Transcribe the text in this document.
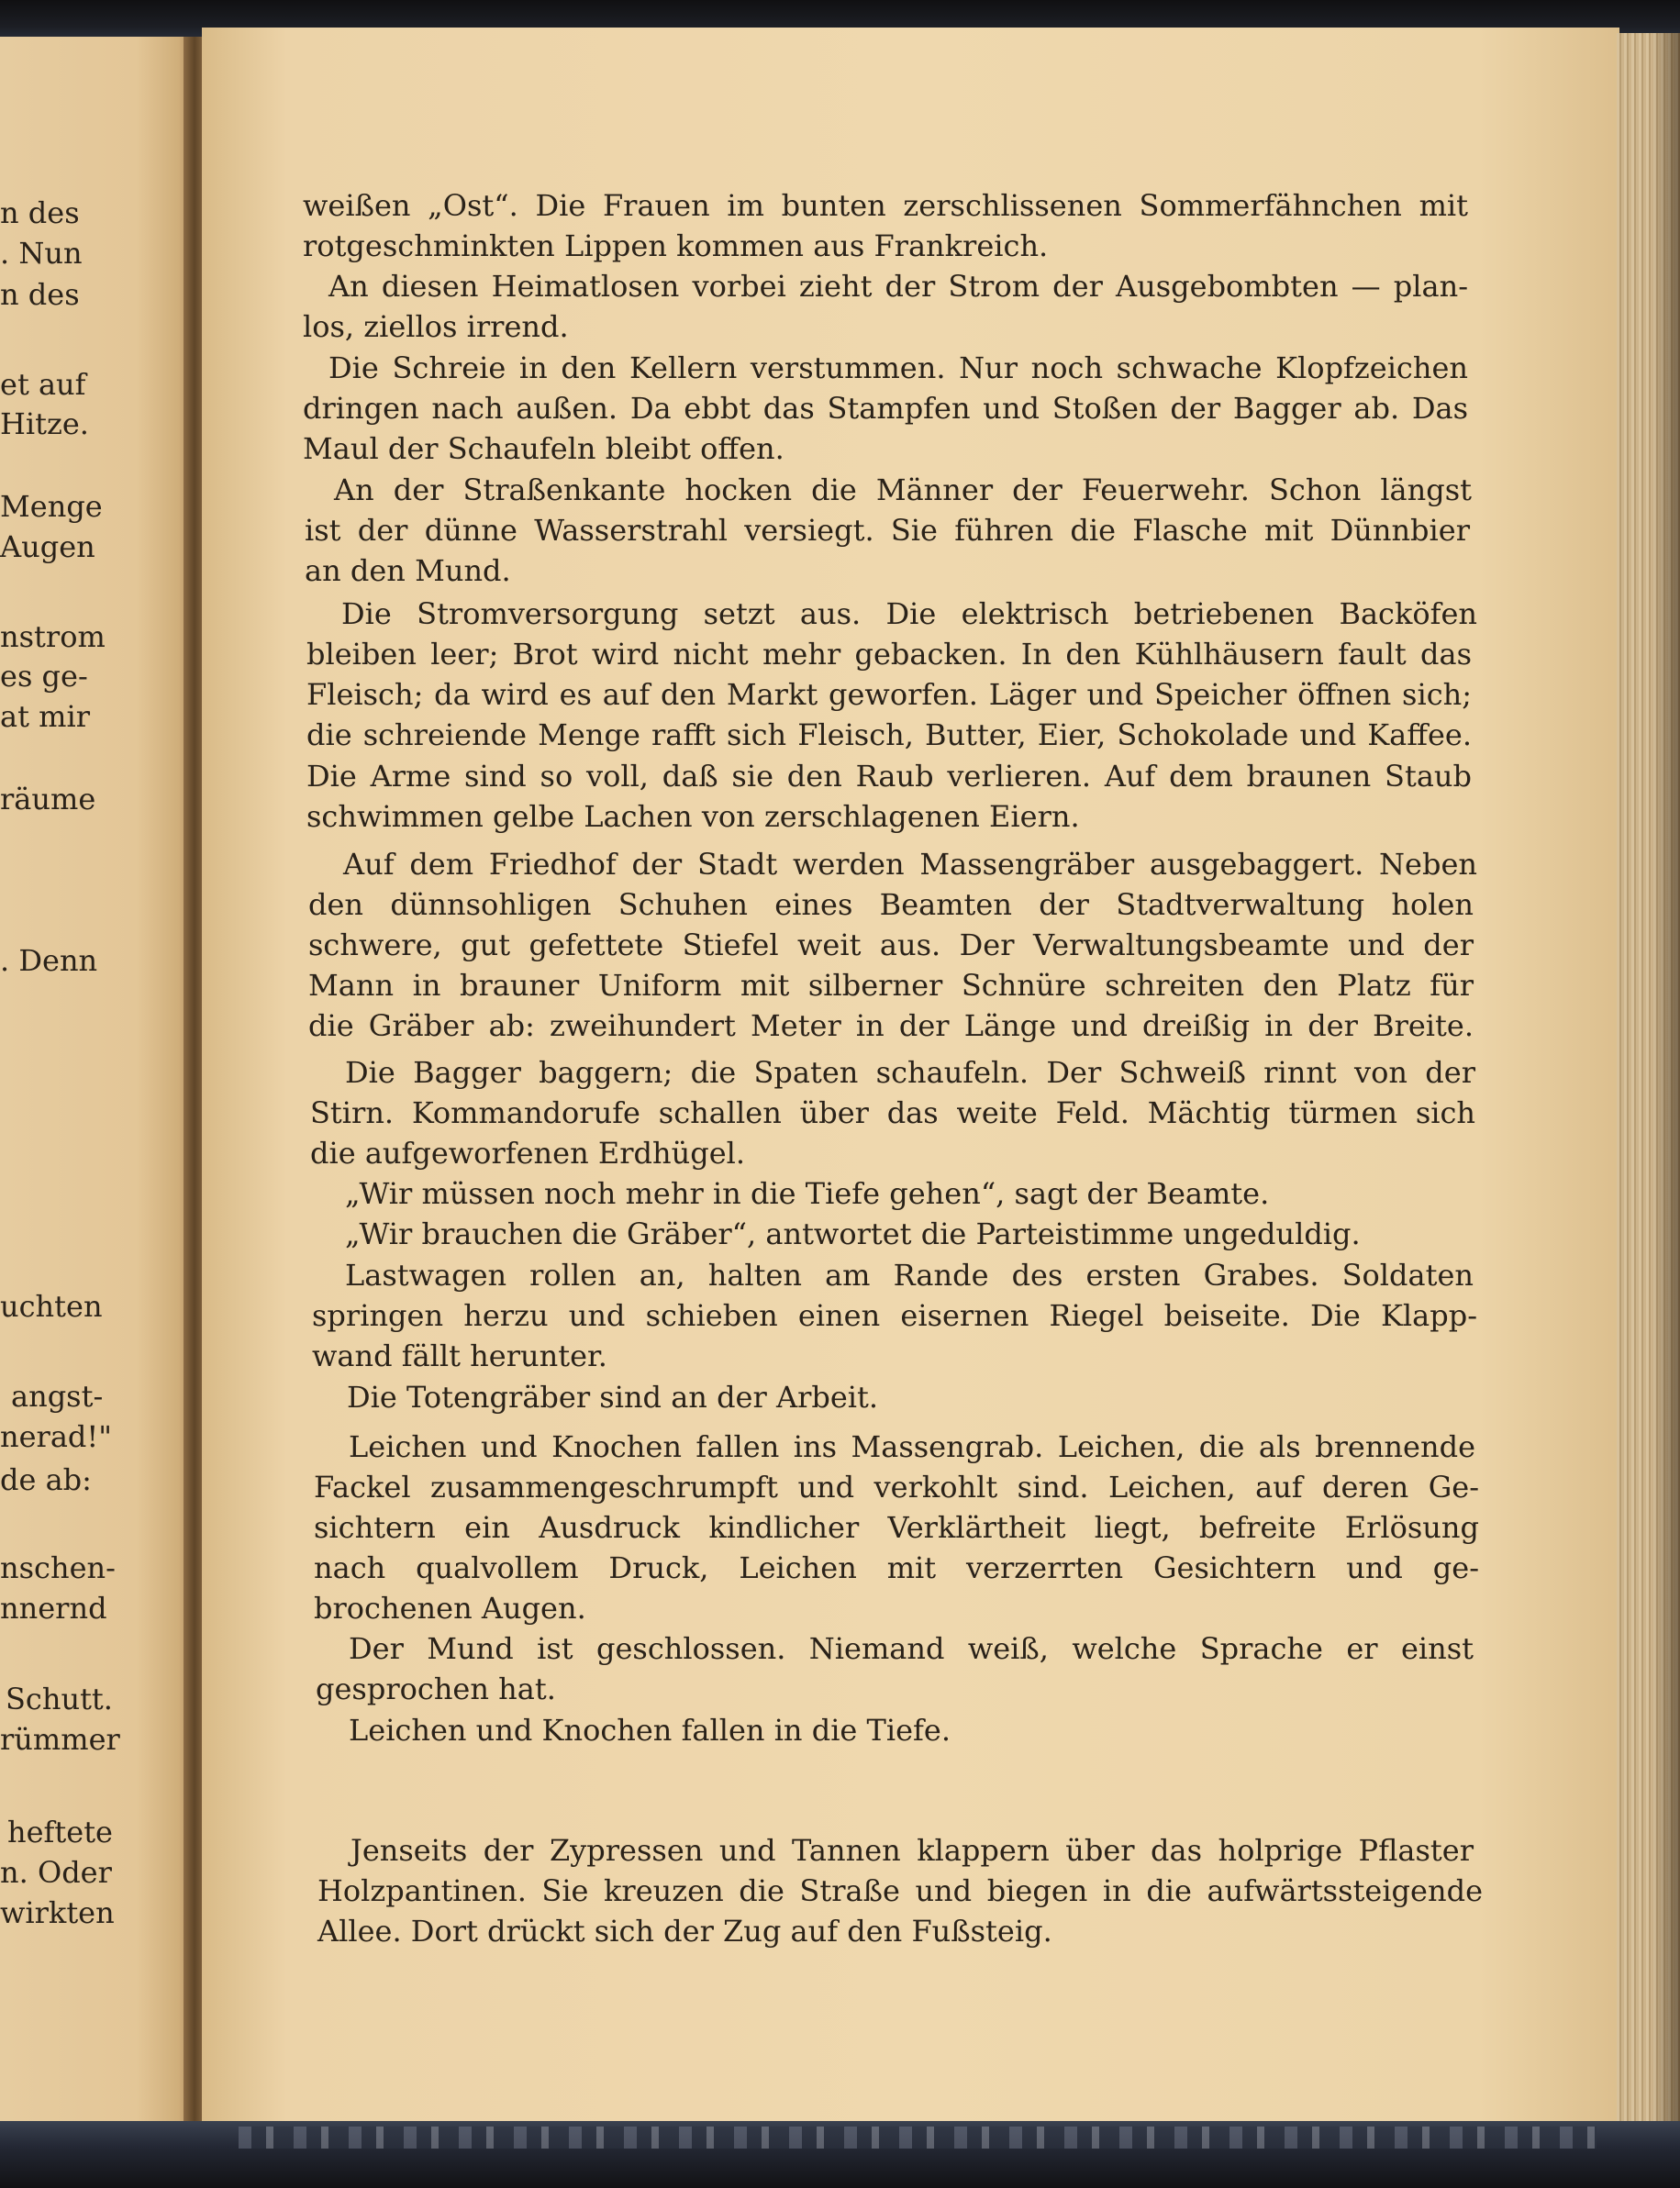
n des

. Nun

n des

et auf

Hitze.

Menge

Augen

nstrom

es ge-

at mir

räume

. Denn

uchten

angst-

nerad!"

de ab:

nschen-

nnernd

Schutt.

rümmer

heftete

n. Oder

wirkten

weißen „Ost“. Die Frauen im bunten zerschlissenen Sommerfähnchen mit

rotgeschminkten Lippen kommen aus Frankreich.

An diesen Heimatlosen vorbei zieht der Strom der Ausgebombten — plan-

los, ziellos irrend.

Die Schreie in den Kellern verstummen. Nur noch schwache Klopfzeichen

dringen nach außen. Da ebbt das Stampfen und Stoßen der Bagger ab. Das

Maul der Schaufeln bleibt offen.

An der Straßenkante hocken die Männer der Feuerwehr. Schon längst

ist der dünne Wasserstrahl versiegt. Sie führen die Flasche mit Dünnbier

an den Mund.

Die Stromversorgung setzt aus. Die elektrisch betriebenen Backöfen

bleiben leer; Brot wird nicht mehr gebacken. In den Kühlhäusern fault das

Fleisch; da wird es auf den Markt geworfen. Läger und Speicher öffnen sich;

die schreiende Menge rafft sich Fleisch, Butter, Eier, Schokolade und Kaffee.

Die Arme sind so voll, daß sie den Raub verlieren. Auf dem braunen Staub

schwimmen gelbe Lachen von zerschlagenen Eiern.

Auf dem Friedhof der Stadt werden Massengräber ausgebaggert. Neben

den dünnsohligen Schuhen eines Beamten der Stadtverwaltung holen

schwere, gut gefettete Stiefel weit aus. Der Verwaltungsbeamte und der

Mann in brauner Uniform mit silberner Schnüre schreiten den Platz für

die Gräber ab: zweihundert Meter in der Länge und dreißig in der Breite.

Die Bagger baggern; die Spaten schaufeln. Der Schweiß rinnt von der

Stirn. Kommandorufe schallen über das weite Feld. Mächtig türmen sich

die aufgeworfenen Erdhügel.

„Wir müssen noch mehr in die Tiefe gehen“, sagt der Beamte.

„Wir brauchen die Gräber“, antwortet die Parteistimme ungeduldig.

Lastwagen rollen an, halten am Rande des ersten Grabes. Soldaten

springen herzu und schieben einen eisernen Riegel beiseite. Die Klapp-

wand fällt herunter.

Die Totengräber sind an der Arbeit.

Leichen und Knochen fallen ins Massengrab. Leichen, die als brennende

Fackel zusammengeschrumpft und verkohlt sind. Leichen, auf deren Ge-

sichtern ein Ausdruck kindlicher Verklärtheit liegt, befreite Erlösung

nach qualvollem Druck, Leichen mit verzerrten Gesichtern und ge-

brochenen Augen.

Der Mund ist geschlossen. Niemand weiß, welche Sprache er einst

gesprochen hat.

Leichen und Knochen fallen in die Tiefe.

Jenseits der Zypressen und Tannen klappern über das holprige Pflaster

Holzpantinen. Sie kreuzen die Straße und biegen in die aufwärtssteigende

Allee. Dort drückt sich der Zug auf den Fußsteig.
